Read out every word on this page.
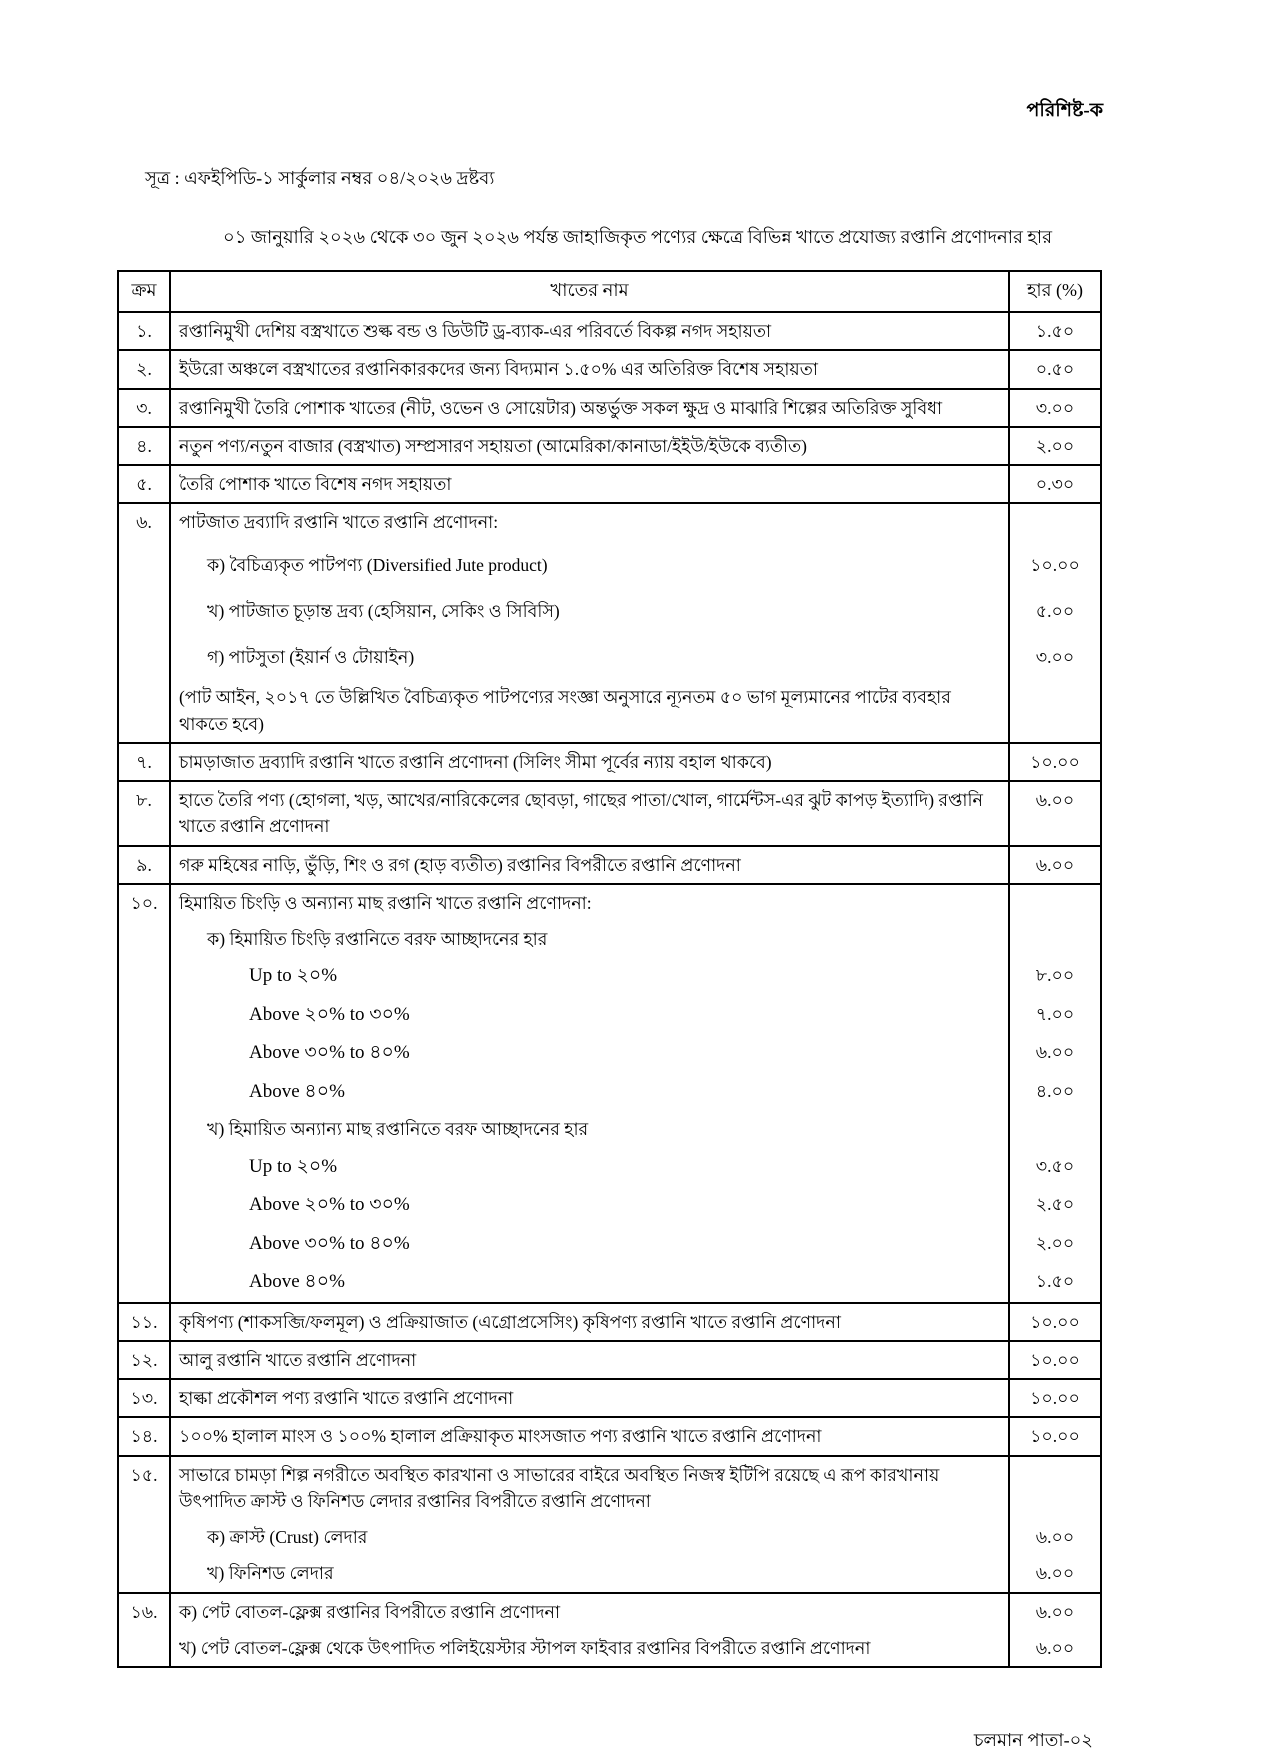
পরিশিষ্ট-ক
সূত্র : এফইপিডি-১ সার্কুলার নম্বর ০৪/২০২৬ দ্রষ্টব্য
০১ জানুয়ারি ২০২৬ থেকে ৩০ জুন ২০২৬ পর্যন্ত জাহাজিকৃত পণ্যের ক্ষেত্রে বিভিন্ন খাতে প্রযোজ্য রপ্তানি প্রণোদনার হার
ক্রম	খাতের নাম	হার (%)
১.	রপ্তানিমুখী দেশিয় বস্ত্রখাতে শুল্ক বন্ড ও ডিউটি ড্র-ব্যাক-এর পরিবর্তে বিকল্প নগদ সহায়তা	১.৫০
২.	ইউরো অঞ্চলে বস্ত্রখাতের রপ্তানিকারকদের জন্য বিদ্যমান ১.৫০% এর অতিরিক্ত বিশেষ সহায়তা	০.৫০
৩.	রপ্তানিমুখী তৈরি পোশাক খাতের (নীট, ওভেন ও সোয়েটার) অন্তর্ভুক্ত সকল ক্ষুদ্র ও মাঝারি শিল্পের অতিরিক্ত সুবিধা	৩.০০
৪.	নতুন পণ্য/নতুন বাজার (বস্ত্রখাত) সম্প্রসারণ সহায়তা (আমেরিকা/কানাডা/ইইউ/ইউকে ব্যতীত)	২.০০
৫.	তৈরি পোশাক খাতে বিশেষ নগদ সহায়তা	০.৩০
৬.	পাটজাত দ্রব্যাদি রপ্তানি খাতে রপ্তানি প্রণোদনা:	
	ক) বৈচিত্র্যকৃত পাটপণ্য (Diversified Jute product)	১০.০০
	খ) পাটজাত চূড়ান্ত দ্রব্য (হেসিয়ান, সেকিং ও সিবিসি)	৫.০০
	গ) পাটসুতা (ইয়ার্ন ও টোয়াইন)	৩.০০
	(পাট আইন, ২০১৭ তে উল্লিখিত বৈচিত্র্যকৃত পাটপণ্যের সংজ্ঞা অনুসারে ন্যূনতম ৫০ ভাগ মূল্যমানের পাটের ব্যবহার থাকতে হবে)	
৭.	চামড়াজাত দ্রব্যাদি রপ্তানি খাতে রপ্তানি প্রণোদনা (সিলিং সীমা পূর্বের ন্যায় বহাল থাকবে)	১০.০০
৮.	হাতে তৈরি পণ্য (হোগলা, খড়, আখের/নারিকেলের ছোবড়া, গাছের পাতা/খোল, গার্মেন্টস-এর ঝুট কাপড় ইত্যাদি) রপ্তানি খাতে রপ্তানি প্রণোদনা	৬.০০
৯.	গরু মহিষের নাড়ি, ভুঁড়ি, শিং ও রগ (হাড় ব্যতীত) রপ্তানির বিপরীতে রপ্তানি প্রণোদনা	৬.০০
১০.	হিমায়িত চিংড়ি ও অন্যান্য মাছ রপ্তানি খাতে রপ্তানি প্রণোদনা:	
	ক) হিমায়িত চিংড়ি রপ্তানিতে বরফ আচ্ছাদনের হার	
	Up to ২০%	৮.০০
	Above ২০% to ৩০%	৭.০০
	Above ৩০% to ৪০%	৬.০০
	Above ৪০%	৪.০০
	খ) হিমায়িত অন্যান্য মাছ রপ্তানিতে বরফ আচ্ছাদনের হার	
	Up to ২০%	৩.৫০
	Above ২০% to ৩০%	২.৫০
	Above ৩০% to ৪০%	২.০০
	Above ৪০%	১.৫০
১১.	কৃষিপণ্য (শাকসব্জি/ফলমূল) ও প্রক্রিয়াজাত (এগ্রোপ্রসেসিং) কৃষিপণ্য রপ্তানি খাতে রপ্তানি প্রণোদনা	১০.০০
১২.	আলু রপ্তানি খাতে রপ্তানি প্রণোদনা	১০.০০
১৩.	হাল্কা প্রকৌশল পণ্য রপ্তানি খাতে রপ্তানি প্রণোদনা	১০.০০
১৪.	১০০% হালাল মাংস ও ১০০% হালাল প্রক্রিয়াকৃত মাংসজাত পণ্য রপ্তানি খাতে রপ্তানি প্রণোদনা	১০.০০
১৫.	সাভারে চামড়া শিল্প নগরীতে অবস্থিত কারখানা ও সাভারের বাইরে অবস্থিত নিজস্ব ইটিপি রয়েছে এ রূপ কারখানায় উৎপাদিত ক্রাস্ট ও ফিনিশড লেদার রপ্তানির বিপরীতে রপ্তানি প্রণোদনা	
	ক) ক্রাস্ট (Crust) লেদার	৬.০০
	খ) ফিনিশড লেদার	৬.০০
১৬.	ক) পেট বোতল-ফ্লেক্স রপ্তানির বিপরীতে রপ্তানি প্রণোদনা	৬.০০
	খ) পেট বোতল-ফ্লেক্স থেকে উৎপাদিত পলিইয়েস্টার স্টাপল ফাইবার রপ্তানির বিপরীতে রপ্তানি প্রণোদনা	৬.০০
চলমান পাতা-০২
